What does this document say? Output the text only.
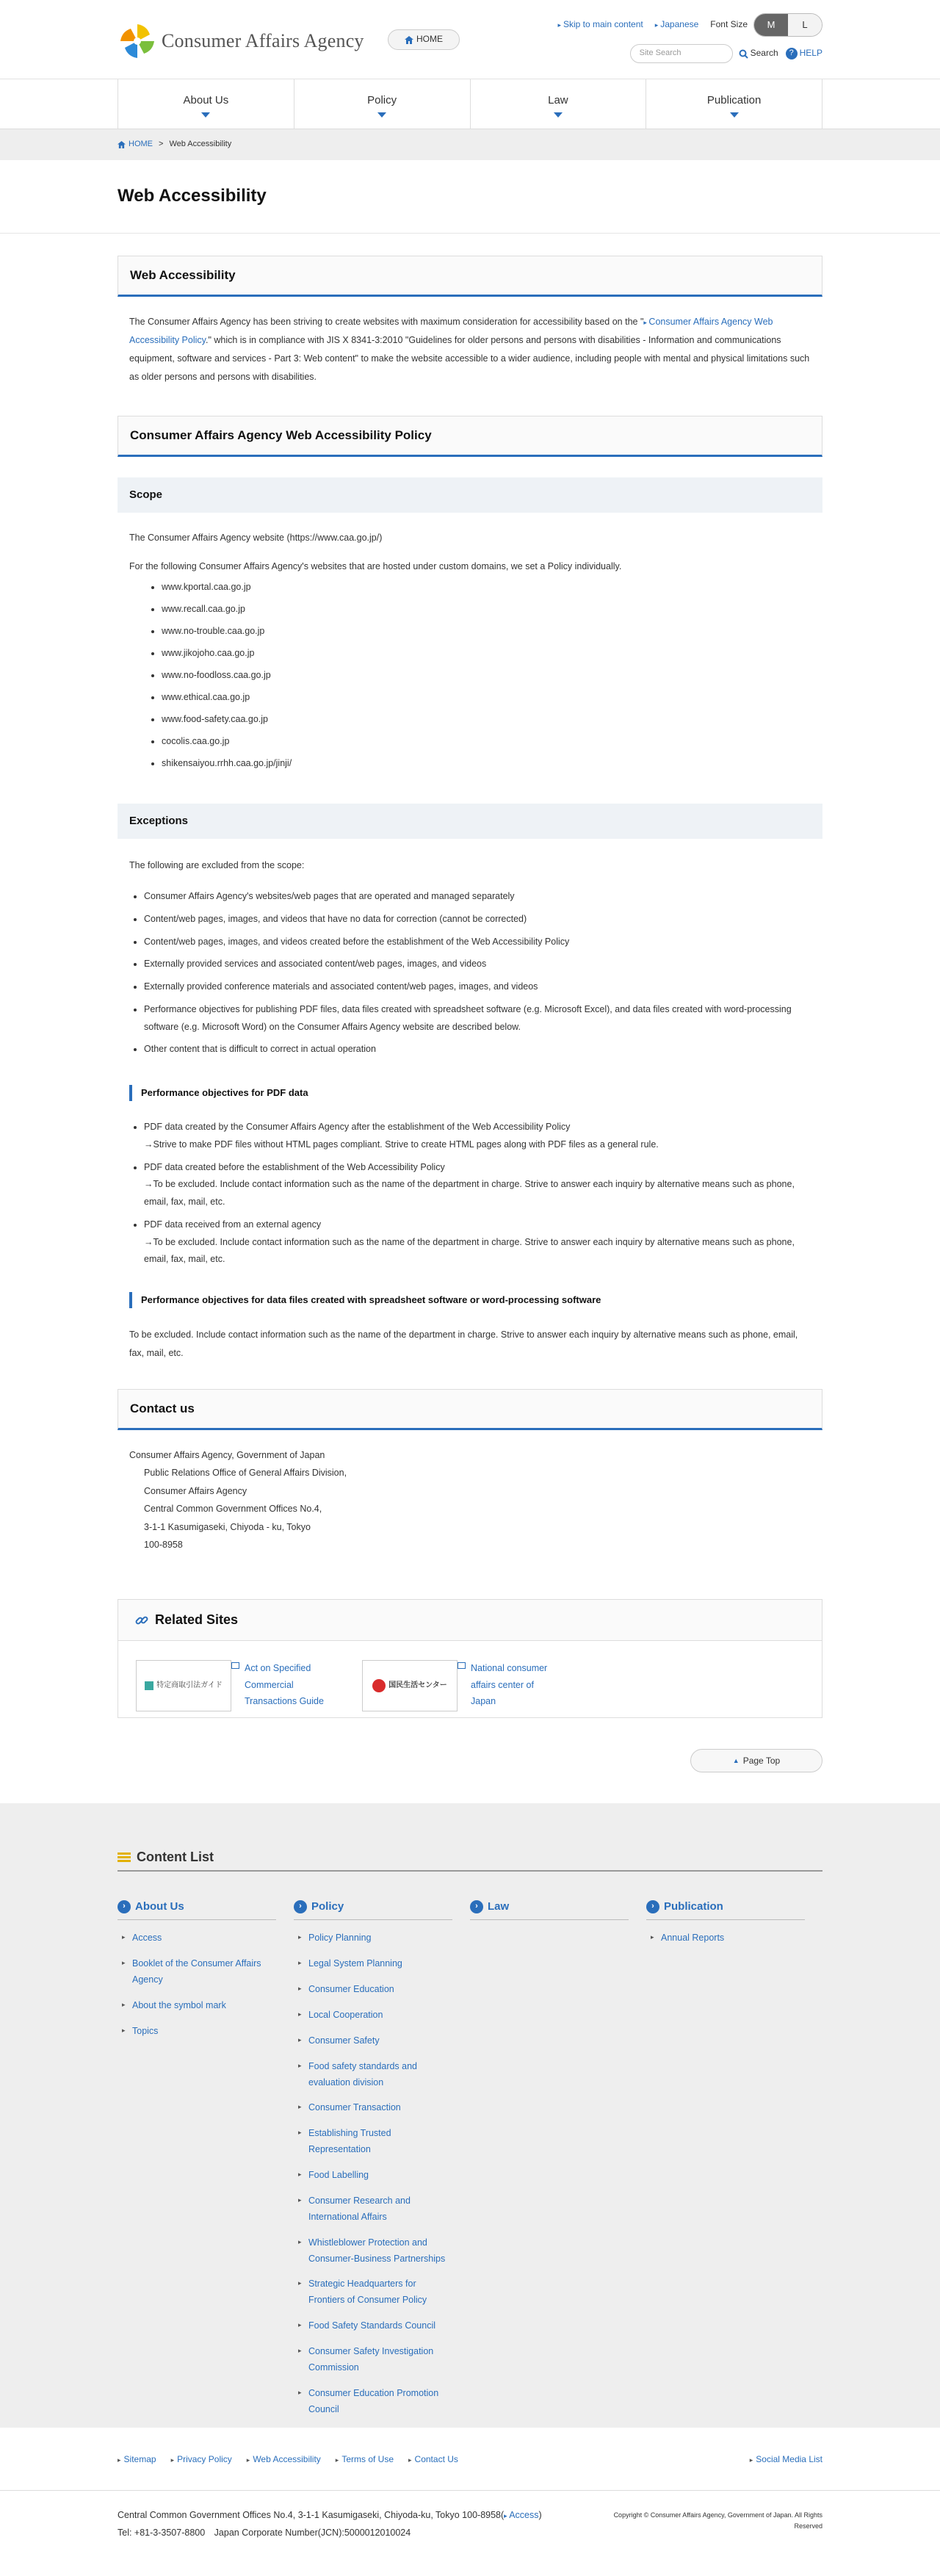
Consumer Affairs Agency	HOME
▸ Skip to main content	▸ Japanese Font Size	M	L
Site Search	Search	? HELP
About Us	Policy	Law	Publication
HOME > Web Accessibility
Web Accessibility
Web Accessibility

The Consumer Affairs Agency has been striving to create websites with maximum consideration for accessibility based on the "▸ Consumer Affairs Agency Web Accessibility Policy." which is in compliance with JIS X 8341-3:2010 "Guidelines for older persons and persons with disabilities - Information and communications equipment, software and services - Part 3: Web content" to make the website accessible to a wider audience, including people with mental and physical limitations such as older persons and persons with disabilities.

Consumer Affairs Agency Web Accessibility Policy
Scope

The Consumer Affairs Agency website (https://www.caa.go.jp/)

For the following Consumer Affairs Agency's websites that are hosted under custom domains, we set a Policy individually.

• www.kportal.caa.go.jp
• www.recall.caa.go.jp
• www.no-trouble.caa.go.jp
• www.jikojoho.caa.go.jp
• www.no-foodloss.caa.go.jp
• www.ethical.caa.go.jp
• www.food-safety.caa.go.jp
• cocolis.caa.go.jp
• shikensaiyou.rrhh.caa.go.jp/jinji/
Exceptions

The following are excluded from the scope:

• Consumer Affairs Agency's websites/web pages that are operated and managed separately
• Content/web pages, images, and videos that have no data for correction (cannot be corrected)
• Content/web pages, images, and videos created before the establishment of the Web Accessibility Policy
• Externally provided services and associated content/web pages, images, and videos
• Externally provided conference materials and associated content/web pages, images, and videos
• Performance objectives for publishing PDF files, data files created with spreadsheet software (e.g. Microsoft Excel), and data files created with word-processing software (e.g. Microsoft Word) on the Consumer Affairs Agency website are described below.
• Other content that is difficult to correct in actual operation
Performance objectives for PDF data
• PDF data created by the Consumer Affairs Agency after the establishment of the Web Accessibility Policy
→Strive to make PDF files without HTML pages compliant. Strive to create HTML pages along with PDF files as a general rule.
• PDF data created before the establishment of the Web Accessibility Policy
→To be excluded. Include contact information such as the name of the department in charge. Strive to answer each inquiry by alternative means such as phone, email, fax, mail, etc.
• PDF data received from an external agency
→To be excluded. Include contact information such as the name of the department in charge. Strive to answer each inquiry by alternative means such as phone, email, fax, mail, etc.
Performance objectives for data files created with spreadsheet software or word-processing software

To be excluded. Include contact information such as the name of the department in charge. Strive to answer each inquiry by alternative means such as phone, email, fax, mail, etc.

Contact us
Consumer Affairs Agency, Government of Japan
Public Relations Office of General Affairs Division,
Consumer Affairs Agency
Central Common Government Offices No.4,
3-1-1 Kasumigaseki, Chiyoda - ku, Tokyo
100-8958
Related Sites
特定商取引法ガイド
Act on Specified Commercial Transactions Guide
国民生活センター
National consumer affairs center of Japan
▲ Page Top
Content List
› About Us
▸ Access
▸ Booklet of the Consumer Affairs Agency
▸ About the symbol mark
▸ Topics
› Policy
▸ Policy Planning
▸ Legal System Planning
▸ Consumer Education
▸ Local Cooperation
▸ Consumer Safety
▸ Food safety standards and evaluation division
▸ Consumer Transaction
▸ Establishing Trusted Representation
▸ Food Labelling
▸ Consumer Research and International Affairs
▸ Whistleblower Protection and Consumer-Business Partnerships
▸ Strategic Headquarters for Frontiers of Consumer Policy
▸ Food Safety Standards Council
▸ Consumer Safety Investigation Commission
▸ Consumer Education Promotion Council
› Law	› Publication
▸ Annual Reports
▸ Sitemap	▸ Privacy Policy	▸ Web Accessibility	▸ Terms of Use	▸ Contact Us	▸ Social Media List
Central Common Government Offices No.4, 3-1-1 Kasumigaseki, Chiyoda-ku, Tokyo 100-8958(▸ Access)
Tel: +81-3-3507-8800　Japan Corporate Number(JCN):5000012010024
Copyright © Consumer Affairs Agency, Government of Japan. All Rights Reserved
